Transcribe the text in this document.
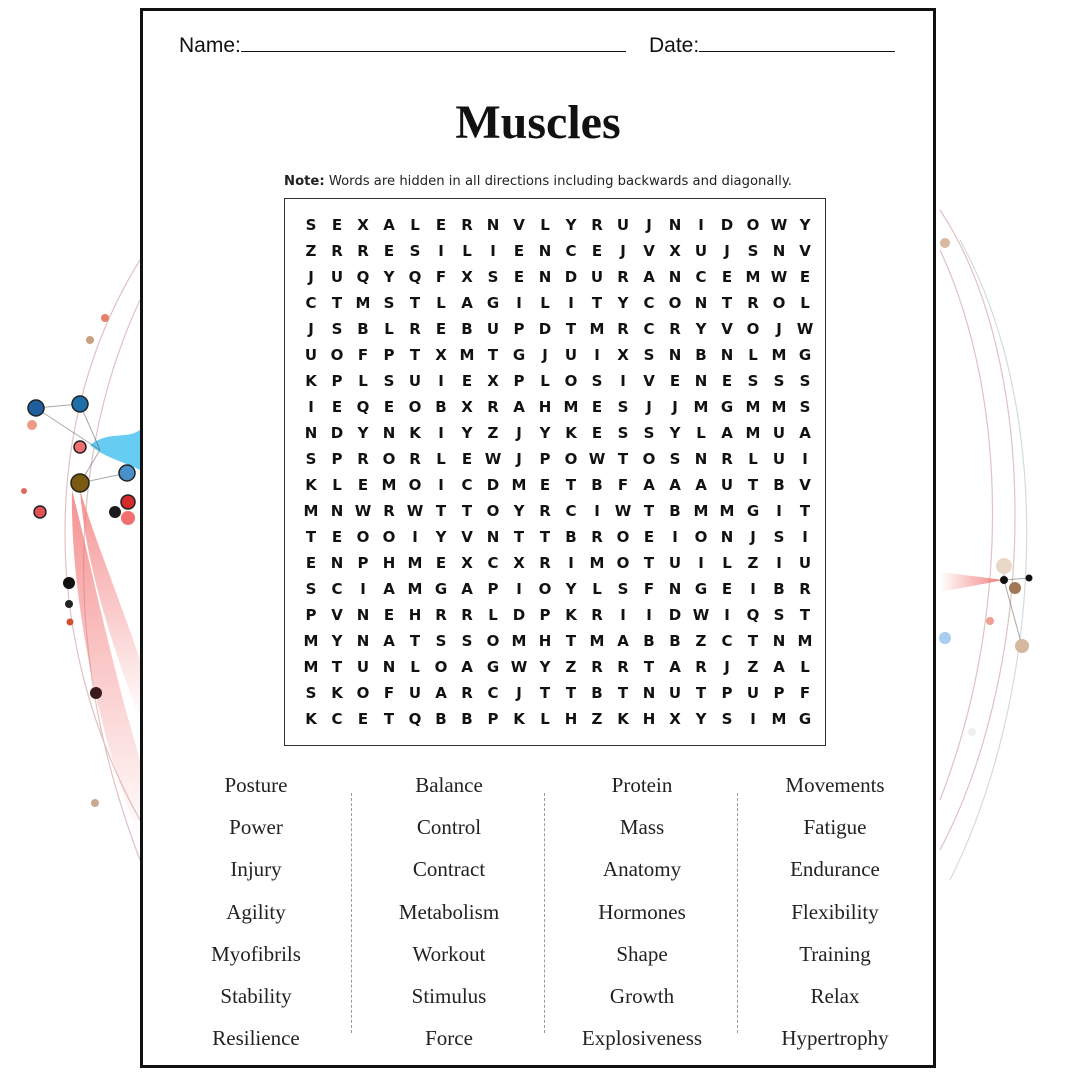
Name:	Date:
Muscles
Note: Words are hidden in all directions including backwards and diagonally.
S	E	X A	L	E	R N V	L	Y R U	J	N	I	D O W Y
Z R R	E	S	I	L	I	E N C	E	J	V X U	J	S N V
J	U Q Y Q F	X S	E N D U R A N C	E M W E
C	T M S	T	L	A G	I	L	I	T	Y	C O N T	R O L
J	S B	L	R	E	B U P D T M R C R Y V O	J W
U O F	P	T	X M T G	J	U	I	X S N B N L M G
K P	L	S U	I	E	X P	L O S	I	V	E N E	S	S	S
I	E Q E O B X R A H M E	S	J	J	M G M M S
N D Y N K	I	Y	Z	J	Y K	E	S	S	Y	L	A M U A
S	P R O R	L	E W J	P O W T O S N R	L	U	I
K	L	E M O	I	C D M E	T	B	F	A A A U T	B V
M N W R W T	T O Y R C	I W T	B M M G	I	T
T	E O O	I	Y V N T	T	B R O E	I	O N	J	S	I
E N P H M E	X C X R	I	M O T U	I	L	Z	I	U
S	C	I	A M G A P	I	O Y	L	S	F N G E	I	B R
P V N E H R R	L D P K R	I	I	D W I	Q S	T
M Y N A	T	S	S O M H T M A B B Z	C	T N M
M T U N L O A G W Y	Z R R	T	A R	J	Z A	L
S K O F U A R C	J	T	T	B	T N U T	P U P	F
K C	E	T Q B B P K	L H Z K H X Y	S	I	M G
Posture
Power
Injury
Agility
Myofibrils
Stability
Resilience
Balance
Control
Contract
Metabolism
Workout
Stimulus
Force
Protein
Mass
Anatomy
Hormones
Shape
Growth
Explosiveness
Movements
Fatigue
Endurance
Flexibility
Training
Relax
Hypertrophy
